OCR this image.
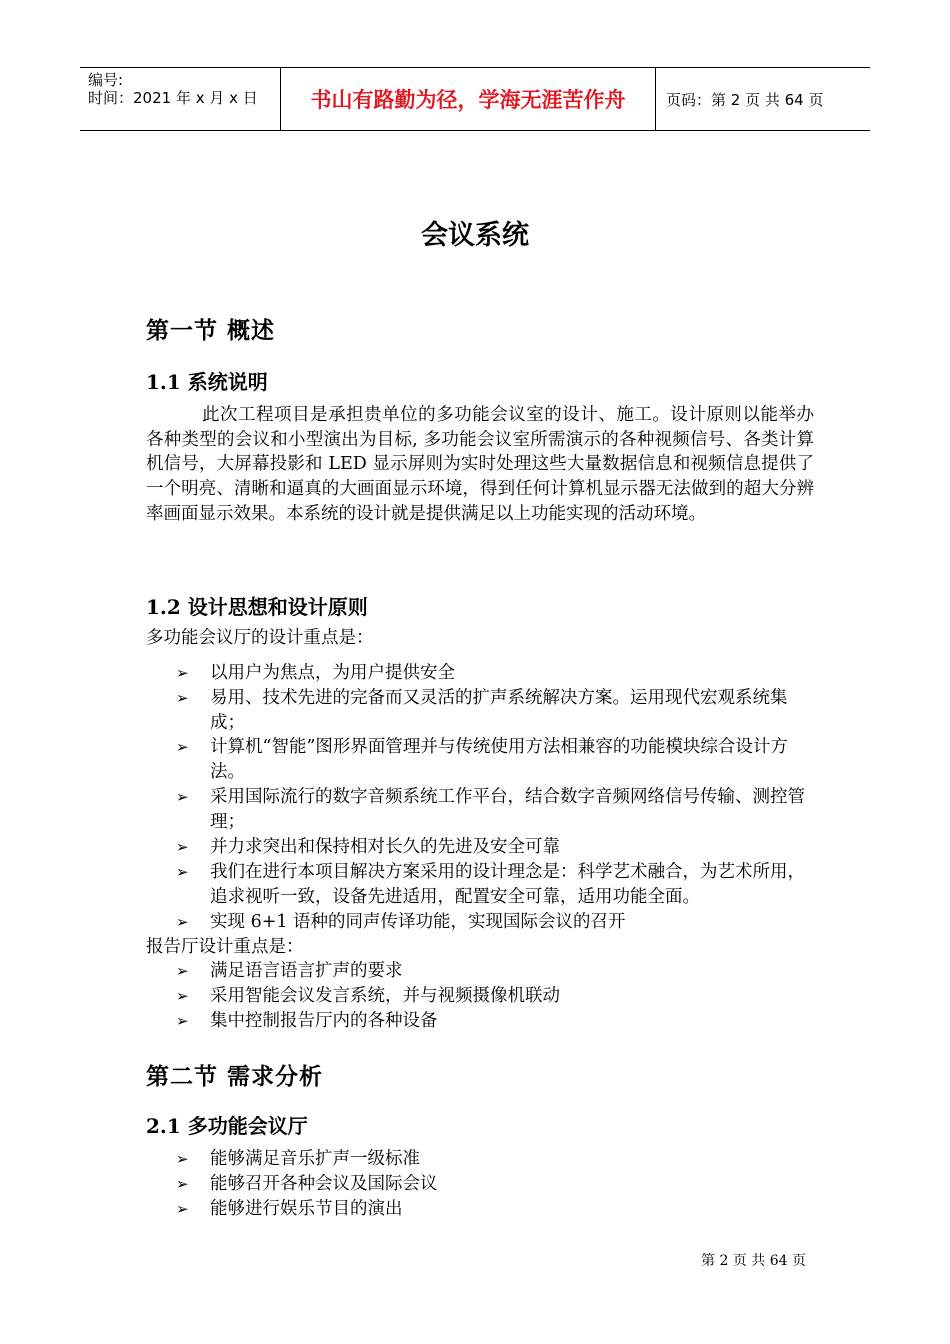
编号:
时间：2021 年 x 月 x 日	书山有路勤为径，学海无涯苦作舟	页码：第 2 页 共 64 页
会议系统
第一节 概述
1.1 系统说明
此次工程项目是承担贵单位的多功能会议室的设计、施工。设计原则以能举办各种类型的会议和小型演出为目标, 多功能会议室所需演示的各种视频信号、各类计算机信号，大屏幕投影和 LED 显示屏则为实时处理这些大量数据信息和视频信息提供了一个明亮、清晰和逼真的大画面显示环境，得到任何计算机显示器无法做到的超大分辨率画面显示效果。本系统的设计就是提供满足以上功能实现的活动环境。
1.2 设计思想和设计原则
多功能会议厅的设计重点是：
➢	以用户为焦点，为用户提供安全
➢	易用、技术先进的完备而又灵活的扩声系统解决方案。运用现代宏观系统集成；
➢	计算机“智能”图形界面管理并与传统使用方法相兼容的功能模块综合设计方法。
➢	采用国际流行的数字音频系统工作平台，结合数字音频网络信号传输、测控管理；
➢	并力求突出和保持相对长久的先进及安全可靠
➢	我们在进行本项目解决方案采用的设计理念是：科学艺术融合，为艺术所用，追求视听一致，设备先进适用，配置安全可靠，适用功能全面。
➢	实现 6+1 语种的同声传译功能，实现国际会议的召开
报告厅设计重点是：
➢	满足语言语言扩声的要求
➢	采用智能会议发言系统，并与视频摄像机联动
➢	集中控制报告厅内的各种设备
第二节 需求分析
2.1 多功能会议厅
➢	能够满足音乐扩声一级标准
➢	能够召开各种会议及国际会议
➢	能够进行娱乐节目的演出
第 2 页 共 64 页
